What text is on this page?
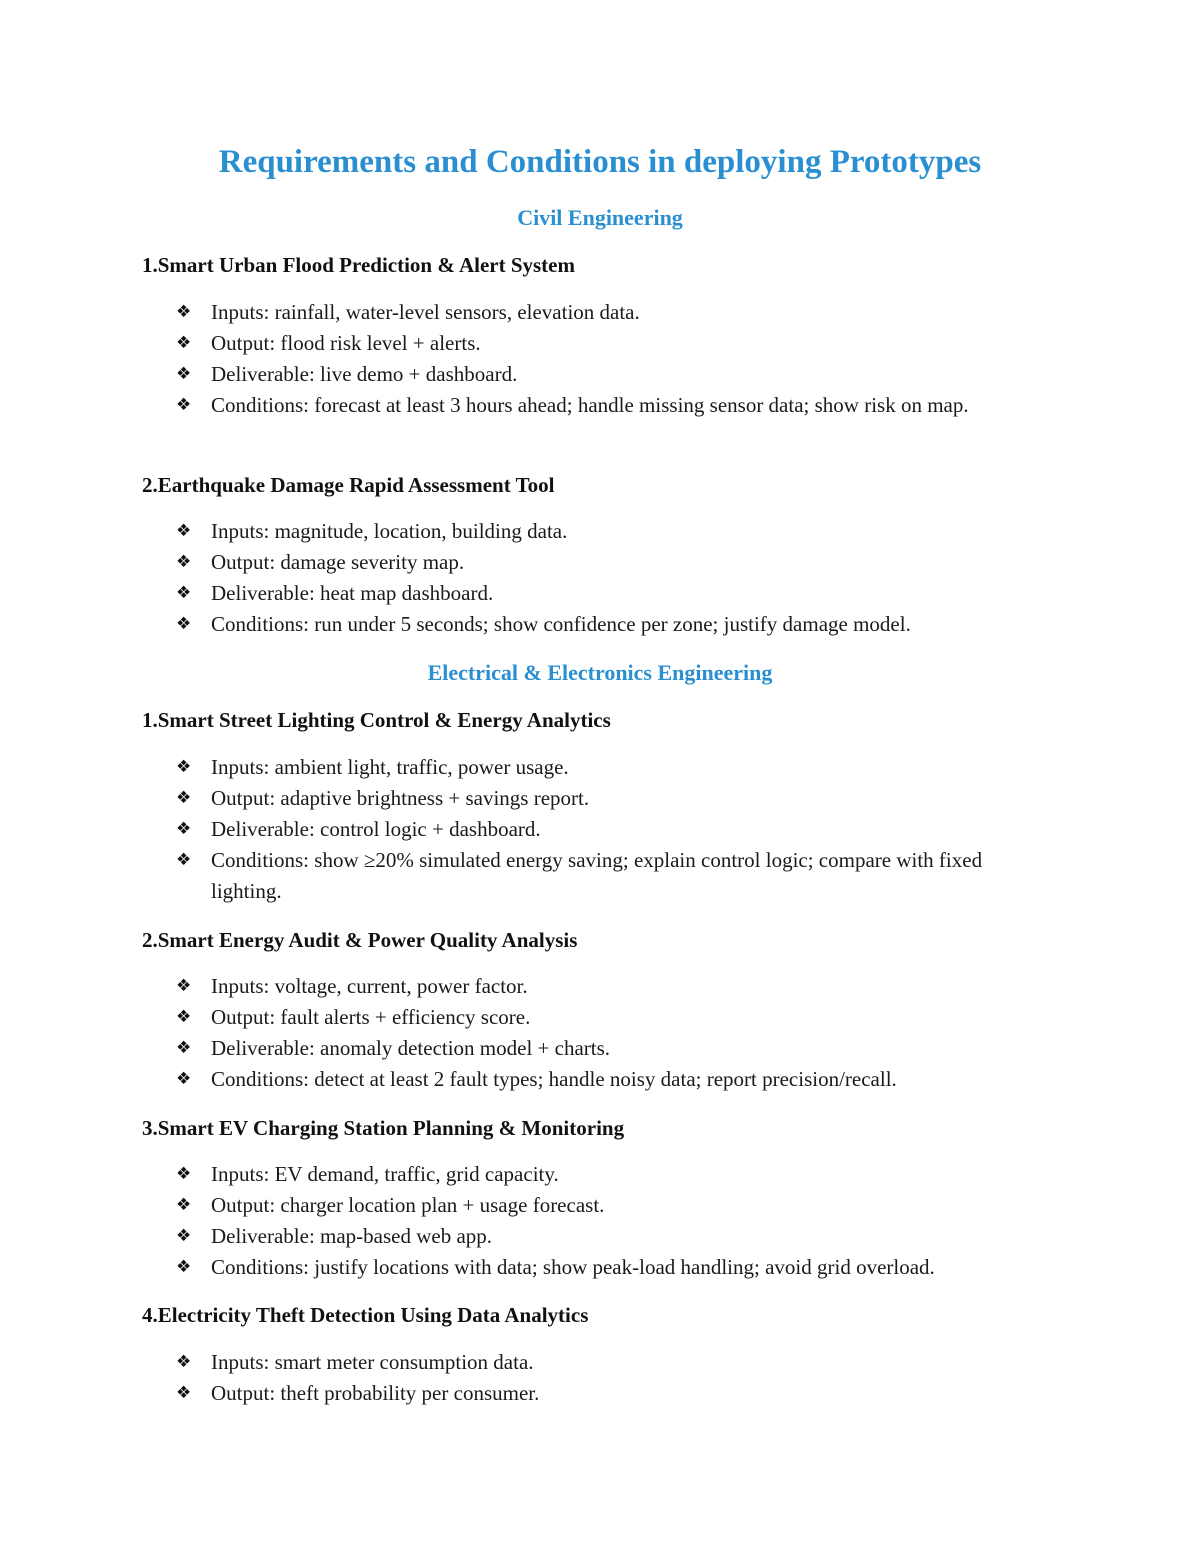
Requirements and Conditions in deploying Prototypes
Civil Engineering
1.Smart Urban Flood Prediction & Alert System
❖ Inputs: rainfall, water-level sensors, elevation data.
❖ Output: flood risk level + alerts.
❖ Deliverable: live demo + dashboard.
❖ Conditions: forecast at least 3 hours ahead; handle missing sensor data; show risk on map.
2.Earthquake Damage Rapid Assessment Tool
❖ Inputs: magnitude, location, building data.
❖ Output: damage severity map.
❖ Deliverable: heat map dashboard.
❖ Conditions: run under 5 seconds; show confidence per zone; justify damage model.
Electrical & Electronics Engineering
1.Smart Street Lighting Control & Energy Analytics
❖ Inputs: ambient light, traffic, power usage.
❖ Output: adaptive brightness + savings report.
❖ Deliverable: control logic + dashboard.
❖ Conditions: show ≥20% simulated energy saving; explain control logic; compare with fixed lighting.
2.Smart Energy Audit & Power Quality Analysis
❖ Inputs: voltage, current, power factor.
❖ Output: fault alerts + efficiency score.
❖ Deliverable: anomaly detection model + charts.
❖ Conditions: detect at least 2 fault types; handle noisy data; report precision/recall.
3.Smart EV Charging Station Planning & Monitoring
❖ Inputs: EV demand, traffic, grid capacity.
❖ Output: charger location plan + usage forecast.
❖ Deliverable: map-based web app.
❖ Conditions: justify locations with data; show peak-load handling; avoid grid overload.
4.Electricity Theft Detection Using Data Analytics
❖ Inputs: smart meter consumption data.
❖ Output: theft probability per consumer.
